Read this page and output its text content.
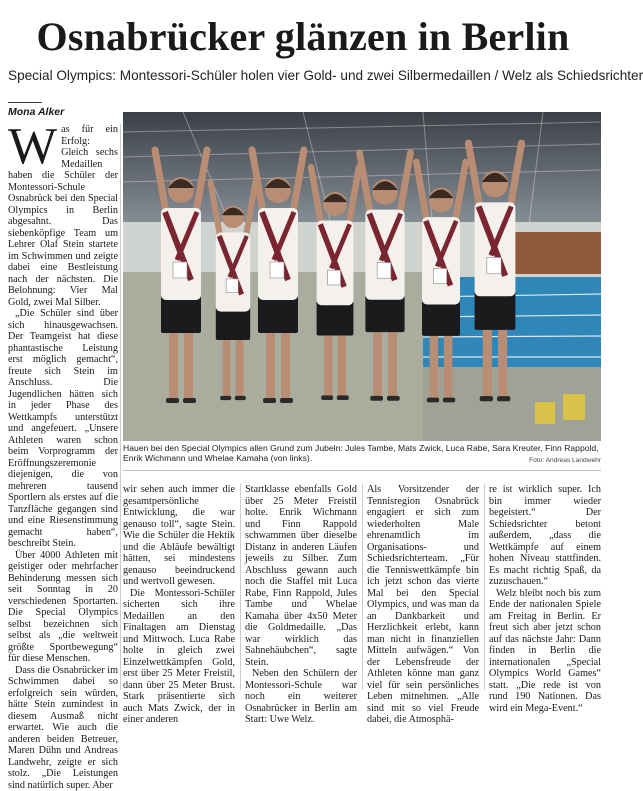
Osnabrücker glänzen in Berlin
Special Olympics: Montessori-Schüler holen vier Gold- und zwei Silbermedaillen / Welz als Schiedsrichter
Mona Alker

Was für ein Erfolg: Gleich sechs Medaillen haben die Schüler der Montessori-Schule Osnabrück bei den Special Olympics in Berlin abgesahnt. Das siebenköpfige Team um Lehrer Olaf Stein startete im Schwimmen und zeigte dabei eine Bestleistung nach der nächsten. Die Belohnung: Vier Mal Gold, zwei Mal Silber.

„Die Schüler sind über sich hinausgewachsen. Der Teamgeist hat diese phantastische Leistung erst möglich gemacht“, freute sich Stein im Anschluss. Die Jugendlichen hätten sich in jeder Phase des Wettkampfs unterstützt und angefeuert. „Unsere Athleten waren schon beim Vorprogramm der Eröffnungszeremonie diejenigen, die von mehreren tausend Sportlern als erstes auf die Tanzfläche gegangen sind und eine Riesenstimmung gemacht haben“, beschreibt Stein.

Über 4000 Athleten mit geistiger oder mehrfacher Behinderung messen sich seit Sonntag in 20 verschiedenen Sportarten. Die Special Olympics selbst bezeichnen sich selbst als „die weltweit größte Sportbewegung“ für diese Menschen.

Dass die Osnabrücker im Schwimmen dabei so erfolgreich sein würden, hätte Stein zumindest in diesem Ausmaß nicht erwartet. Wie auch die anderen beiden Betreuer, Maren Dühn und Andreas Landwehr, zeigte er sich stolz. „Die Leistungen sind natürlich super. Aber

Hauen bei den Special Olympics allen Grund zum Jubeln: Jules Tambe, Mats Zwick, Luca Rabe, Sara Kreuter, Finn Rappold, Enrik Wichmann und Whelae Kamaha (von links).	Foto: Andreas Landwehr

wir sehen auch immer die gesamtpersönliche Entwicklung, die war genauso toll“, sagte Stein. Wie die Schüler die Hektik und die Abläufe bewältigt hätten, sei mindestens genauso beeindruckend und wertvoll gewesen.

Die Montessori-Schüler sicherten sich ihre Medaillen an den Finaltagen am Dienstag und Mittwoch. Luca Rabe holte in gleich zwei Einzelwettkämpfen Gold, erst über 25 Meter Freistil, dann über 25 Meter Brust. Stark präsentierte sich auch Mats Zwick, der in einer anderen

Startklasse ebenfalls Gold über 25 Meter Freistil holte. Enrik Wichmann und Finn Rappold schwammen über dieselbe Distanz in anderen Läufen jeweils zu Silber. Zum Abschluss gewann auch noch die Staffel mit Luca Rabe, Finn Rappold, Jules Tambe und Whelae Kamaha über 4x50 Meter die Goldmedaille. „Das war wirklich das Sahnehäubchen“, sagte Stein.

Neben den Schülern der Montessori-Schule war noch ein weiterer Osnabrücker in Berlin am Start: Uwe Welz.

Als Vorsitzender der Tennisregion Osnabrück engagiert er sich zum wiederholten Male ehrenamtlich im Organisations- und Schiedsrichterteam. „Für die Tenniswettkämpfe bin ich jetzt schon das vierte Mal bei den Special Olympics, und was man da an Dankbarkeit und Herzlichkeit erlebt, kann man nicht in finanziellen Mitteln aufwägen.“ Von der Lebensfreude der Athleten könne man ganz viel für sein persönliches Leben mitnehmen. „Alle sind mit so viel Freude dabei, die Atmosphä-

re ist wirklich super. Ich bin immer wieder begeistert.“ Der Schiedsrichter betont außerdem, „dass die Wettkämpfe auf einem hohen Niveau stattfinden. Es macht richtig Spaß, da zuzuschauen.“

Welz bleibt noch bis zum Ende der nationalen Spiele am Freitag in Berlin. Er freut sich aber jetzt schon auf das nächste Jahr: Dann finden in Berlin die internationalen „Special Olympics World Games“ statt. „Die rede ist von rund 190 Nationen. Das wird ein Mega-Event.“
